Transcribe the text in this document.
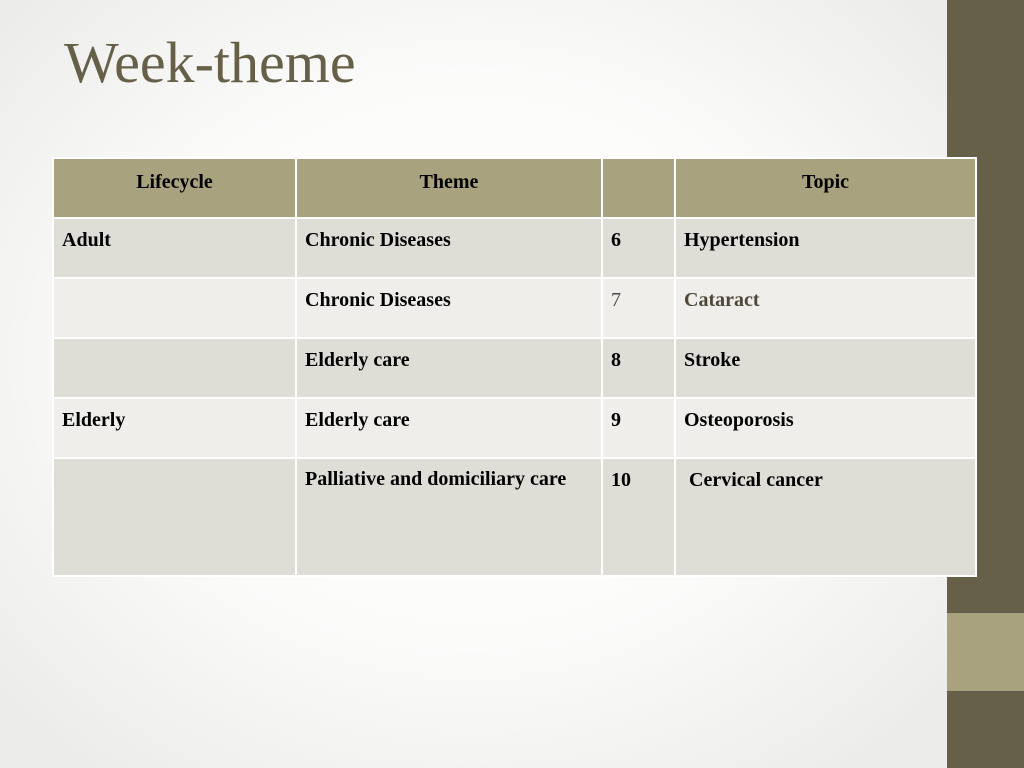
Week-theme
Lifecycle	Theme		Topic
Adult	Chronic Diseases	6	Hypertension
	Chronic Diseases	7	Cataract
	Elderly care	8	Stroke
Elderly	Elderly care	9	Osteoporosis

	Palliative and domiciliary care	10	Cervical cancer
